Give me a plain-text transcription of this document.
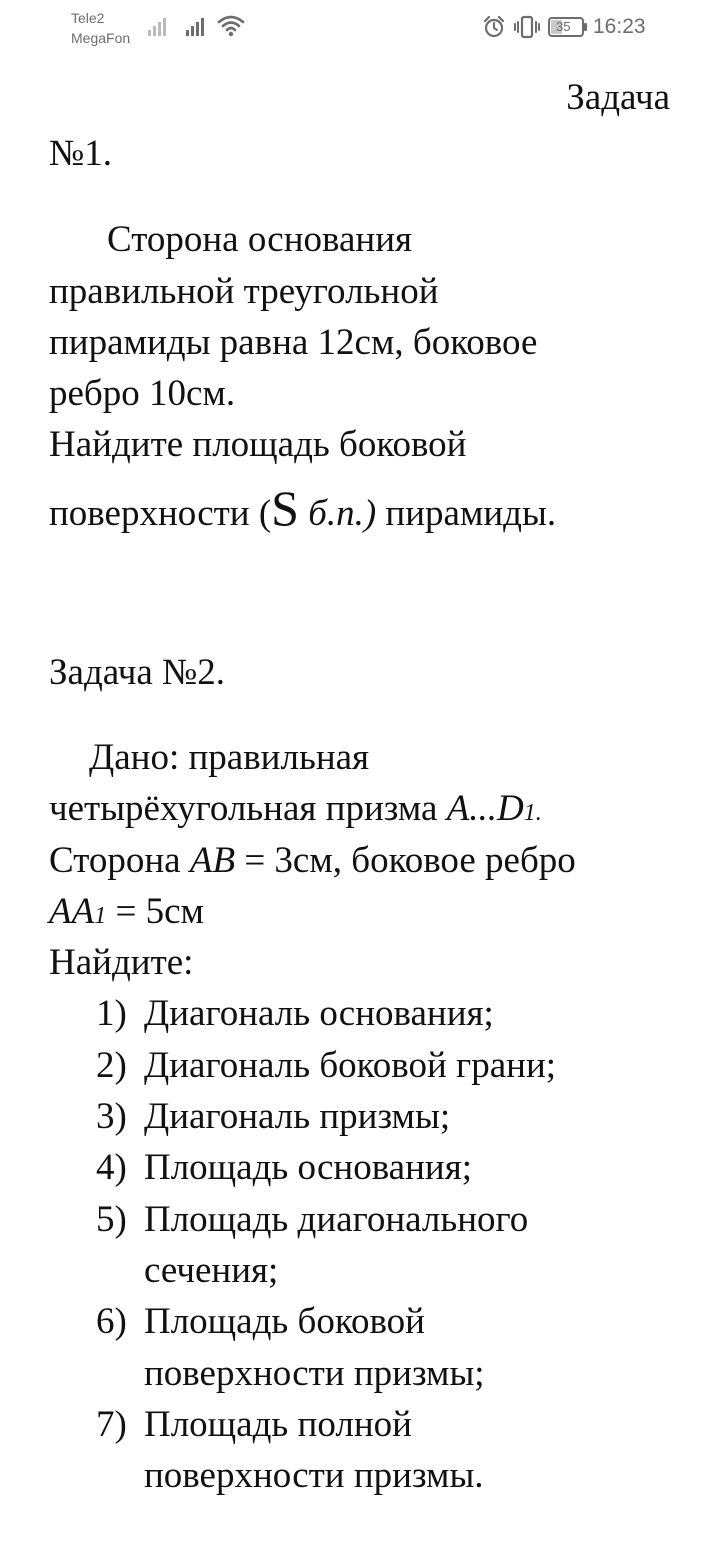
Tele2
MegaFon
35 16:23
Задача
№1.
Сторона основания
правильной треугольной
пирамиды равна 12см, боковое
ребро 10см.
Найдите площадь боковой
поверхности (S б.п.) пирамиды.
Задача №2.
Дано: правильная
четырёхугольная призма A...D1.
Сторона AB = 3см, боковое ребро
AA1 = 5см
Найдите:
1) Диагональ основания;
2) Диагональ боковой грани;
3) Диагональ призмы;
4) Площадь основания;
5) Площадь диагонального
сечения;
6) Площадь боковой
поверхности призмы;
7) Площадь полной
поверхности призмы.
